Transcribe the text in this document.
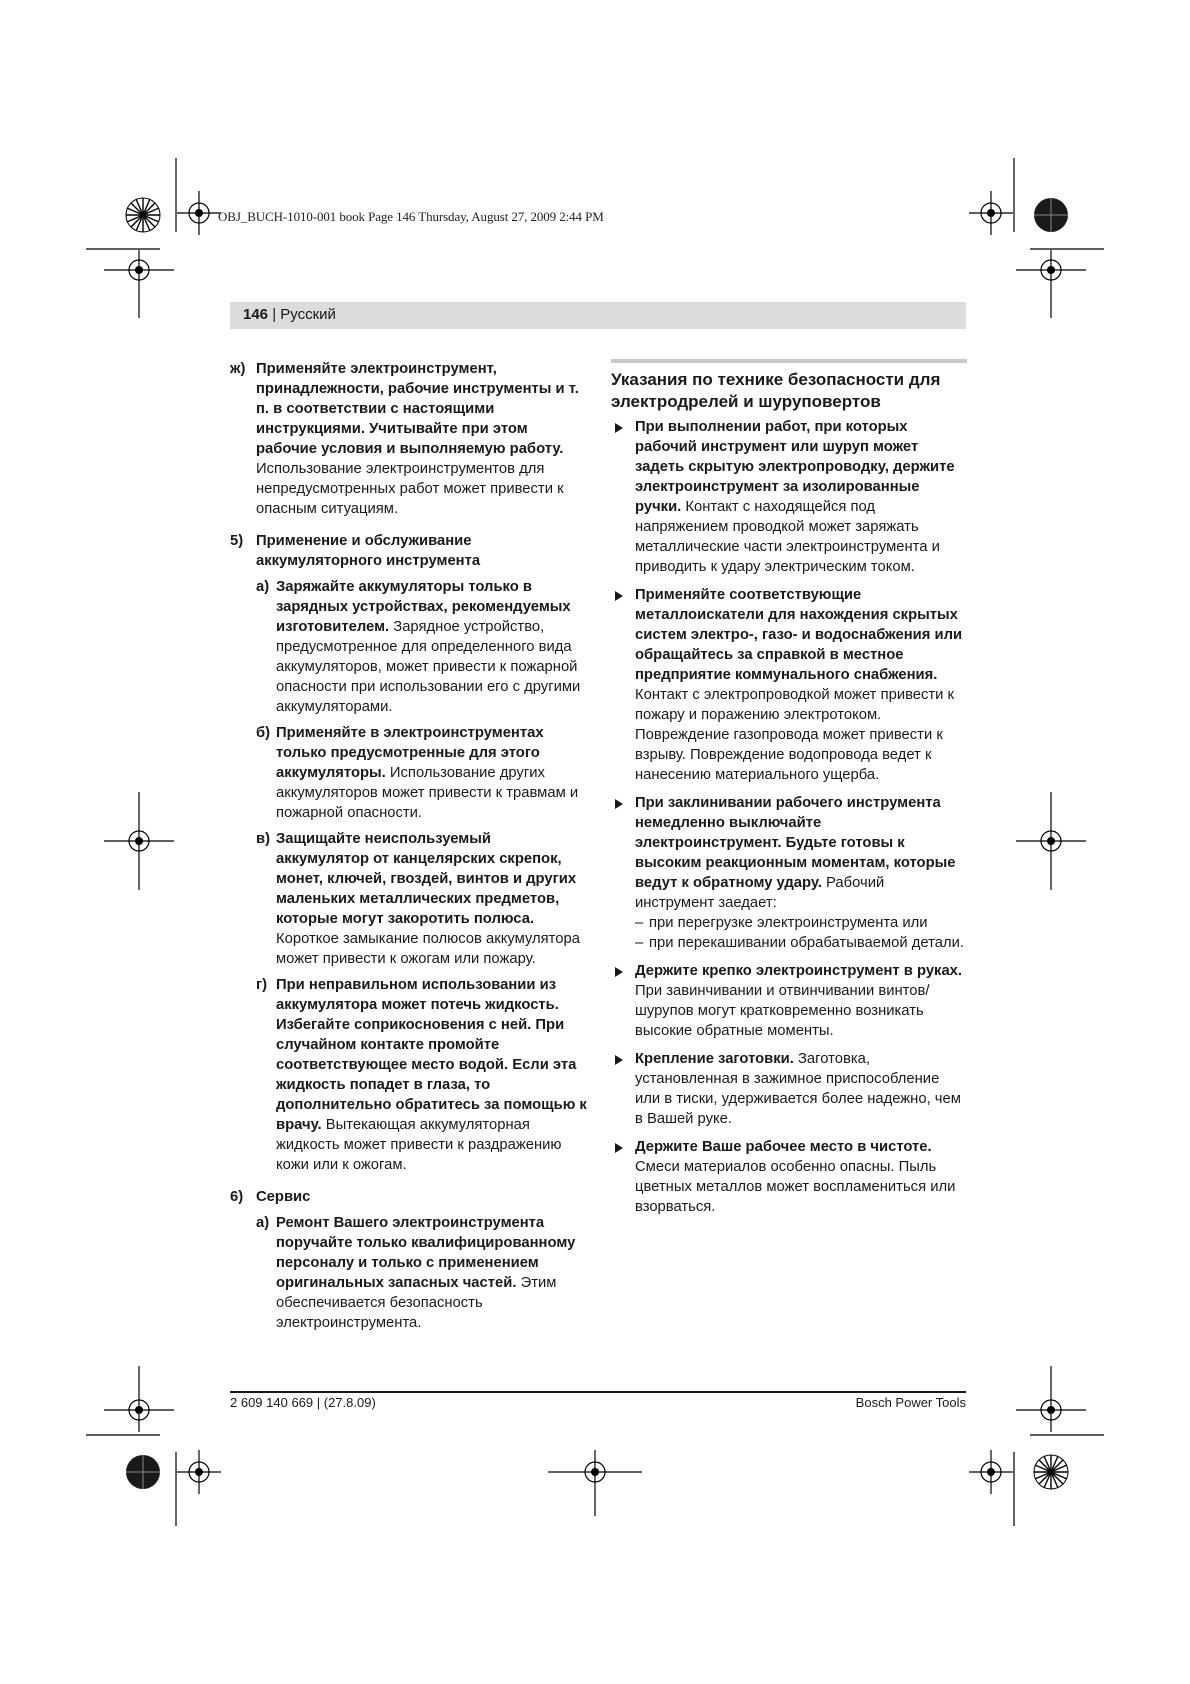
OBJ_BUCH-1010-001 book Page 146 Thursday, August 27, 2009 2:44 PM
146 | Русский
ж) Применяйте электроинструмент, принадлежности, рабочие инструменты и т. п. в соответствии с настоящими инструкциями. Учитывайте при этом рабочие условия и выполняемую работу. Использование электроинструментов для непредусмотренных работ может привести к опасным ситуациям.
5) Применение и обслуживание аккумуляторного инструмента
а) Заряжайте аккумуляторы только в зарядных устройствах, рекомендуемых изготовителем. Зарядное устройство, предусмотренное для определенного вида аккумуляторов, может привести к пожарной опасности при использовании его с другими аккумуляторами.
б) Применяйте в электроинструментах только предусмотренные для этого аккумуляторы. Использование других аккумуляторов может привести к травмам и пожарной опасности.
в) Защищайте неиспользуемый аккумулятор от канцелярских скрепок, монет, ключей, гвоздей, винтов и других маленьких металлических предметов, которые могут закоротить полюса. Короткое замыкание полюсов аккумулятора может привести к ожогам или пожару.
г) При неправильном использовании из аккумулятора может потечь жидкость. Избегайте соприкосновения с ней. При случайном контакте промойте соответствующее место водой. Если эта жидкость попадет в глаза, то дополнительно обратитесь за помощью к врачу. Вытекающая аккумуляторная жидкость может привести к раздражению кожи или к ожогам.
6) Сервис
а) Ремонт Вашего электроинструмента поручайте только квалифицированному персоналу и только с применением оригинальных запасных частей. Этим обеспечивается безопасность электроинструмента.
Указания по технике безопасности для электродрелей и шуруповертов
При выполнении работ, при которых рабочий инструмент или шуруп может задеть скрытую электропроводку, держите электроинструмент за изолированные ручки. Контакт с находящейся под напряжением проводкой может заряжать металлические части электроинструмента и приводить к удару электрическим током.
Применяйте соответствующие металлоискатели для нахождения скрытых систем электро-, газо- и водоснабжения или обращайтесь за справкой в местное предприятие коммунального снабжения. Контакт с электропроводкой может привести к пожару и поражению электротоком. Повреждение газопровода может привести к взрыву. Повреждение водопровода ведет к нанесению материального ущерба.
При заклинивании рабочего инструмента немедленно выключайте электроинструмент. Будьте готовы к высоким реакционным моментам, которые ведут к обратному удару. Рабочий инструмент заедает:
– при перегрузке электроинструмента или
– при перекашивании обрабатываемой детали.
Держите крепко электроинструмент в руках. При завинчивании и отвинчивании винтов/шурупов могут кратковременно возникать высокие обратные моменты.
Крепление заготовки. Заготовка, установленная в зажимное приспособление или в тиски, удерживается более надежно, чем в Вашей руке.
Держите Ваше рабочее место в чистоте. Смеси материалов особенно опасны. Пыль цветных металлов может воспламениться или взорваться.
2 609 140 669 | (27.8.09)	Bosch Power Tools
